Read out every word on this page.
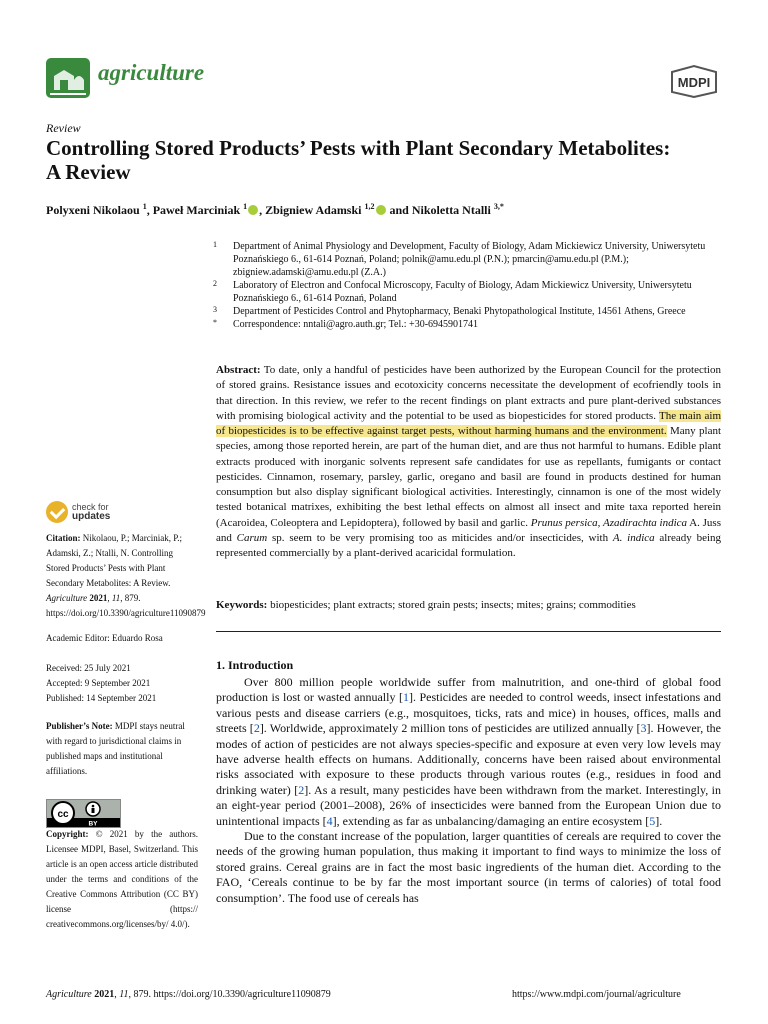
agriculture	MDPI
Review
Controlling Stored Products’ Pests with Plant Secondary Metabolites: A Review
Polyxeni Nikolaou $^1$, Paweł Marciniak $^1$ , Zbigniew Adamski $^{1,2}$ and Nikoletta Ntalli $^{3,*}$
1 Department of Animal Physiology and Development, Faculty of Biology, Adam Mickiewicz University, Uniwersytetu Poznańskiego 6., 61-614 Poznań, Poland; polnik@amu.edu.pl (P.N.); pmarcin@amu.edu.pl (P.M.); zbigniew.adamski@amu.edu.pl (Z.A.)
2 Laboratory of Electron and Confocal Microscopy, Faculty of Biology, Adam Mickiewicz University, Uniwersytetu Poznańskiego 6., 61-614 Poznań, Poland
3 Department of Pesticides Control and Phytopharmacy, Benaki Phytopathological Institute, 14561 Athens, Greece
* Correspondence: nntali@agro.auth.gr; Tel.: +30-6945901741
Abstract: To date, only a handful of pesticides have been authorized by the European Council for the protection of stored grains. Resistance issues and ecotoxicity concerns necessitate the development of ecofriendly tools in that direction. In this review, we refer to the recent findings on plant extracts and pure plant-derived substances with promising biological activity and the potential to be used as biopesticides for stored products. The main aim of biopesticides is to be effective against target pests, without harming humans and the environment. Many plant species, among those reported herein, are part of the human diet, and are thus not harmful to humans. Edible plant extracts produced with inorganic solvents represent safe candidates for use as repellants, fumigants or contact pesticides. Cinnamon, rosemary, parsley, garlic, oregano and basil are found in products destined for human consumption but also display significant biological activities. Interestingly, cinnamon is one of the most widely tested botanical matrixes, exhibiting the best lethal effects on almost all insect and mite taxa reported herein (Acaroidea, Coleoptera and Lepidoptera), followed by basil and garlic. Prunus persica, Azadirachta indica A. Juss and Carum sp. seem to be very promising too as miticides and/or insecticides, with A. indica already being represented commercially by a plant-derived acaricidal formulation.
Keywords: biopesticides; plant extracts; stored grain pests; insects; mites; grains; commodities
1. Introduction

Over 800 million people worldwide suffer from malnutrition, and one-third of global food production is lost or wasted annually [1]. Pesticides are needed to control weeds, insect infestations and various pests and disease carriers (e.g., mosquitoes, ticks, rats and mice) in houses, offices, malls and streets [2]. Worldwide, approximately 2 million tons of pesticides are utilized annually [3]. However, the modes of action of pesticides are not always species-specific and exposure at even very low levels may have adverse health effects on humans. Additionally, concerns have been raised about environmental risks associated with exposure to these products through various routes (e.g., residues in food and drinking water) [2]. As a result, many pesticides have been withdrawn from the market. Interestingly, in an eight-year period (2001–2008), 26% of insecticides were banned from the European Union due to unintentional impacts [4], extending as far as unbalancing/damaging an entire ecosystem [5].

Due to the constant increase of the population, larger quantities of cereals are required to cover the needs of the growing human population, thus making it important to find ways to minimize the loss of stored grains. Cereal grains are in fact the most basic ingredients of the human diet. According to the FAO, ‘Cereals continue to be by far the most important source (in terms of calories) of total food consumption’. The food use of cereals has

check for
updates
Citation: Nikolaou, P.; Marciniak, P.; Adamski, Z.; Ntalli, N. Controlling Stored Products’ Pests with Plant Secondary Metabolites: A Review. Agriculture 2021, 11, 879. https://doi.org/10.3390/agriculture11090879
Academic Editor: Eduardo Rosa
Received: 25 July 2021
Accepted: 9 September 2021
Published: 14 September 2021
Publisher’s Note: MDPI stays neutral with regard to jurisdictional claims in published maps and institutional affiliations.
cc
BY
Copyright: © 2021 by the authors. Licensee MDPI, Basel, Switzerland. This article is an open access article distributed under the terms and conditions of the Creative Commons Attribution (CC BY) license (https:// creativecommons.org/licenses/by/ 4.0/).
Agriculture 2021, 11, 879. https://doi.org/10.3390/agriculture11090879	https://www.mdpi.com/journal/agriculture
